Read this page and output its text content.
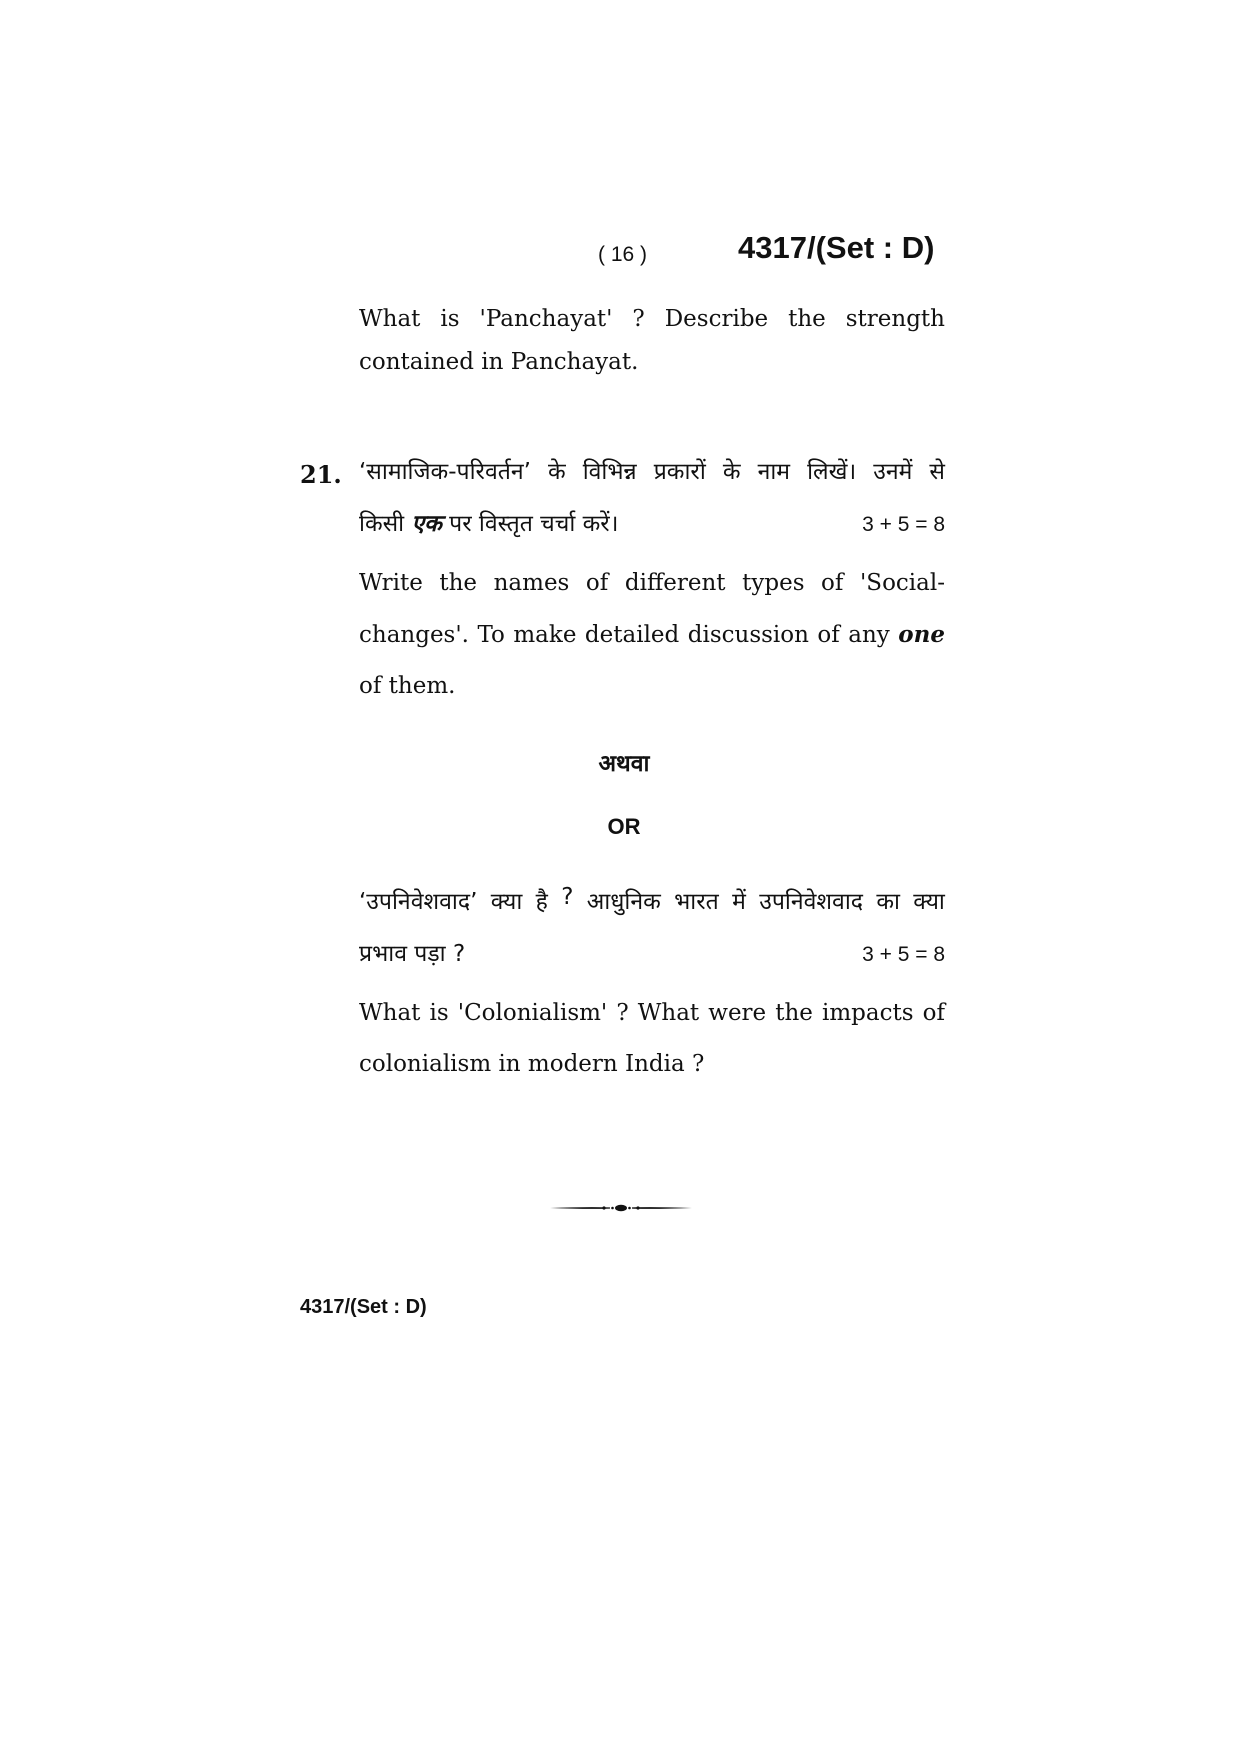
( 16 )	4317/(Set : D)
What is 'Panchayat' ? Describe the strength contained in Panchayat.
21. ‘सामाजिक-परिवर्तन’ के विभिन्न प्रकारों के नाम लिखें। उनमें से
किसी एक पर विस्तृत चर्चा करें।	3 + 5 = 8
Write the names of different types of 'Social-changes'. To make detailed discussion of any one of them.
अथवा
OR
‘उपनिवेशवाद’ क्या है ? आधुनिक भारत में उपनिवेशवाद का क्या
प्रभाव पड़ा ?	3 + 5 = 8
What is 'Colonialism' ? What were the impacts of colonialism in modern India ?
4317/(Set : D)
